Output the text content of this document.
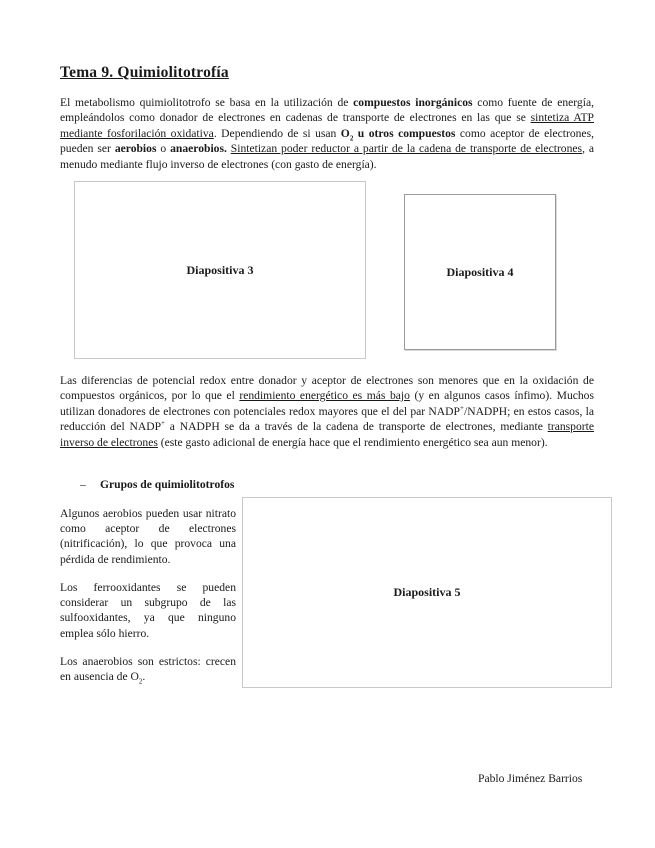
Tema 9. Quimiolitotrofía
El metabolismo quimiolitotrofo se basa en la utilización de compuestos inorgánicos como fuente de energía, empleándolos como donador de electrones en cadenas de transporte de electrones en las que se sintetiza ATP mediante fosforilación oxidativa. Dependiendo de si usan $O_2$ u otros compuestos como aceptor de electrones, pueden ser aerobios o anaerobios. Sintetizan poder reductor a partir de la cadena de transporte de electrones, a menudo mediante flujo inverso de electrones (con gasto de energía).
Diapositiva 3	Diapositiva 4
Las diferencias de potencial redox entre donador y aceptor de electrones son menores que en la oxidación de compuestos orgánicos, por lo que el rendimiento energético es más bajo (y en algunos casos ínfimo). Muchos utilizan donadores de electrones con potenciales redox mayores que el del par NADP+/NADPH; en estos casos, la reducción del NADP+ a NADPH se da a través de la cadena de transporte de electrones, mediante transporte inverso de electrones (este gasto adicional de energía hace que el rendimiento energético sea aun menor).
– Grupos de quimiolitotrofos
Algunos aerobios pueden usar nitrato como aceptor de electrones (nitrificación), lo que provoca una pérdida de rendimiento.
Los ferrooxidantes se pueden considerar un subgrupo de las sulfooxidantes, ya que ninguno emplea sólo hierro.
Los anaerobios son estrictos: crecen en ausencia de $O_2$.
Diapositiva 5
Pablo Jiménez Barrios
